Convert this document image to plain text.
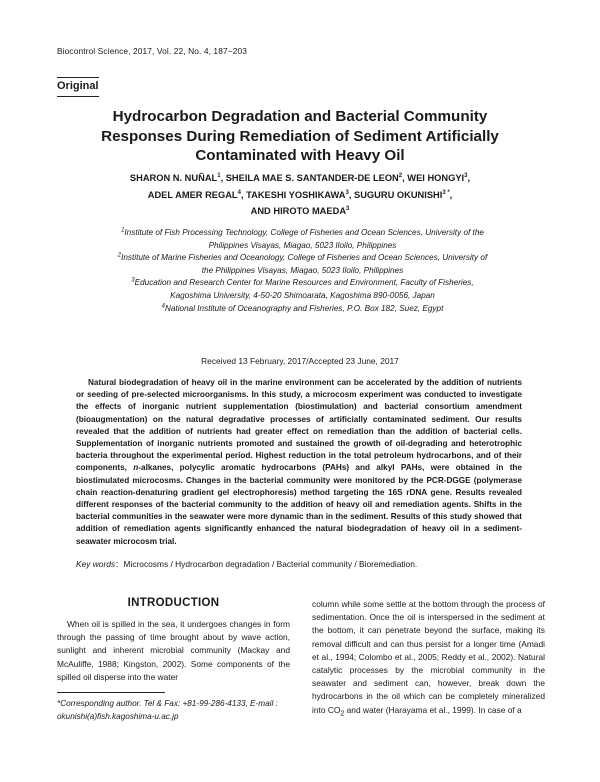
Biocontrol Science, 2017, Vol. 22, No. 4, 187−203
Original
Hydrocarbon Degradation and Bacterial Community Responses During Remediation of Sediment Artificially Contaminated with Heavy Oil
SHARON N. NUÑAL$^1$, SHEILA MAE S. SANTANDER-DE LEON$^2$, WEI HONGYI$^3$,
ADEL AMER REGAL$^4$, TAKESHI YOSHIKAWA$^3$, SUGURU $OKUNISHI^{3 *}$,
AND HIROTO MAEDA$^3$
$^1$Institute of Fish Processing Technology, College of Fisheries and Ocean Sciences, University of the Philippines Visayas, Miagao, 5023 Iloilo, Philippines
$^2$Institute of Marine Fisheries and Oceanology, College of Fisheries and Ocean Sciences, University of the Philippines Visayas, Miagao, 5023 Iloilo, Philippines
$^3$Education and Research Center for Marine Resources and Environment, Faculty of Fisheries, Kagoshima University, 4-50-20 Shimoarata, Kagoshima 890-0056, Japan
$^4$National Institute of Oceanography and Fisheries, P.O. Box 182, Suez, Egypt
Received 13 February, 2017/Accepted 23 June, 2017
Natural biodegradation of heavy oil in the marine environment can be accelerated by the addition of nutrients or seeding of pre-selected microorganisms. In this study, a microcosm experiment was conducted to investigate the effects of inorganic nutrient supplementation (biostimulation) and bacterial consortium amendment (bioaugmentation) on the natural degradative processes of artificially contaminated sediment. Our results revealed that the addition of nutrients had greater effect on remediation than the addition of bacterial cells. Supplementation of inorganic nutrients promoted and sustained the growth of oil-degrading and heterotrophic bacteria throughout the experimental period. Highest reduction in the total petroleum hydrocarbons, and of their components, n-alkanes, polycylic aromatic hydrocarbons (PAHs) and alkyl PAHs, were obtained in the biostimulated microcosms. Changes in the bacterial community were monitored by the PCR-DGGE (polymerase chain reaction-denaturing gradient gel electrophoresis) method targeting the 16S rDNA gene. Results revealed different responses of the bacterial community to the addition of heavy oil and remediation agents. Shifts in the bacterial communities in the seawater were more dynamic than in the sediment. Results of this study showed that addition of remediation agents significantly enhanced the natural biodegradation of heavy oil in a sediment-seawater microcosm trial.
Key words：Microcosms / Hydrocarbon degradation / Bacterial community / Bioremediation.
INTRODUCTION
When oil is spilled in the sea, it undergoes changes in form through the passing of time brought about by wave action, sunlight and inherent microbial community (Mackay and McAuliffe, 1988; Kingston, 2002). Some components of the spilled oil disperse into the water
column while some settle at the bottom through the process of sedimentation. Once the oil is interspersed in the sediment at the bottom, it can penetrate beyond the surface, making its removal difficult and can thus persist for a longer time (Amadi et al., 1994; Colombo et al., 2005; Reddy et al., 2002). Natural catalytic processes by the microbial community in the seawater and sediment can, however, break down the hydrocarbons in the oil which can be completely mineralized into $CO_2$ and water (Harayama et al., 1999). In case of a
*Corresponding author. Tel & Fax: +81-99-286-4133, E-mail : okunishi(a)fish.kagoshima-u.ac.jp
